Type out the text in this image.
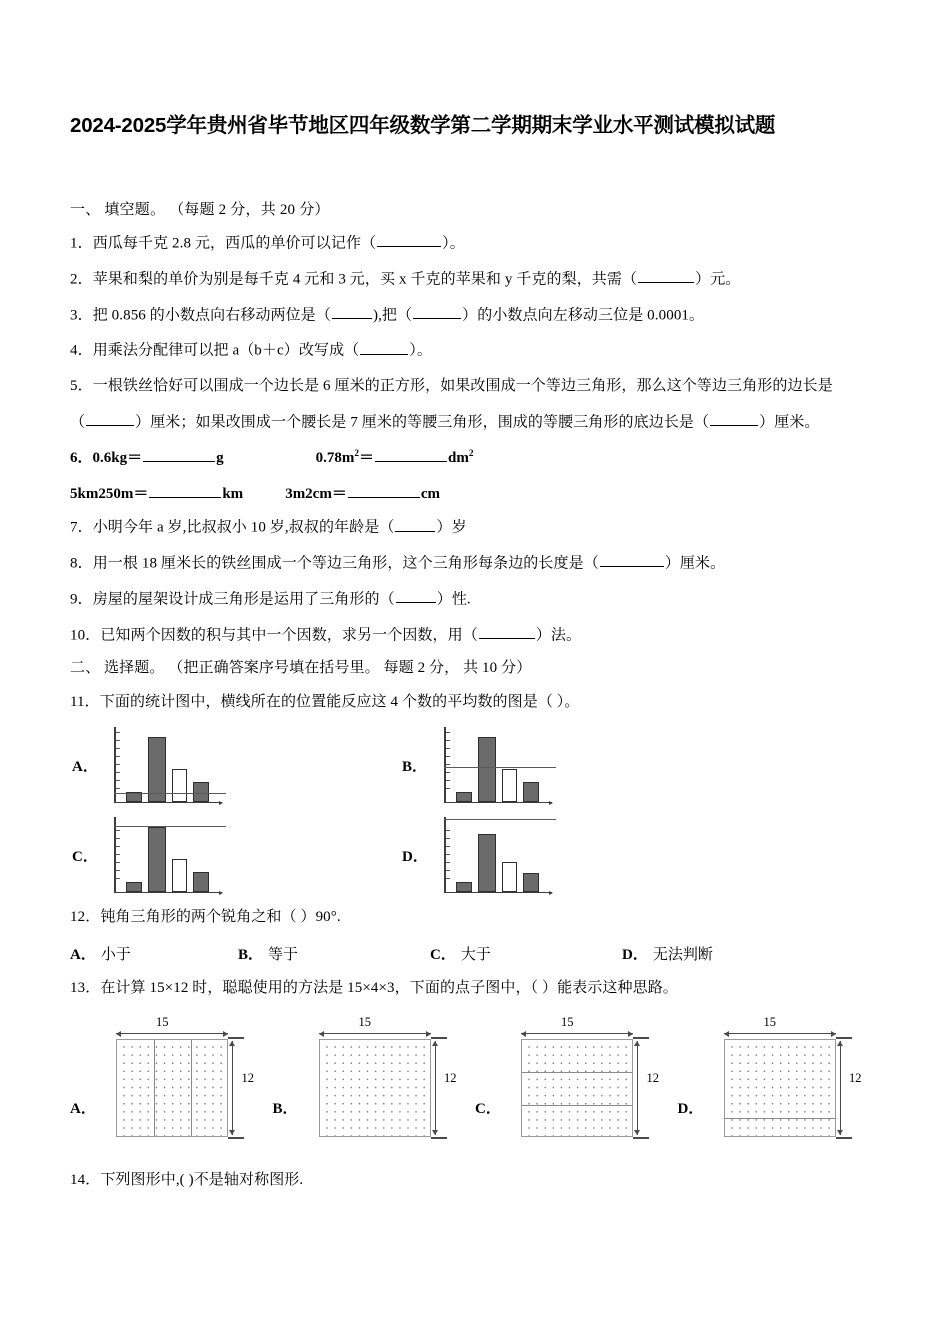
2024-2025学年贵州省毕节地区四年级数学第二学期期末学业水平测试模拟试题
一、 填空题。 （每题 2 分，共 20 分）
1．西瓜每千克 2.8 元，西瓜的单价可以记作（	）。
2．苹果和梨的单价为别是每千克 4 元和 3 元，买 x 千克的苹果和 y 千克的梨，共需（	）元。
3．把 0.856 的小数点向右移动两位是（	),把（	）的小数点向左移动三位是 0.0001。
4．用乘法分配律可以把 a（b＋c）改写成（	）。
5．一根铁丝恰好可以围成一个边长是 6 厘米的正方形，如果改围成一个等边三角形，那么这个等边三角形的边长是
（	）厘米；如果改围成一个腰长是 7 厘米的等腰三角形，围成的等腰三角形的底边长是（	）厘米。
6．0.6kg＝	g	$0.78m^2=$	$dm^2$
5km250m＝	km	3m2cm＝	cm
7．小明今年 a 岁,比叔叔小 10 岁,叔叔的年龄是（	）岁
8．用一根 18 厘米长的铁丝围成一个等边三角形，这个三角形每条边的长度是（	）厘米。
9．房屋的屋架设计成三角形是运用了三角形的（	）性.
10．已知两个因数的积与其中一个因数，求另一个因数，用（	）法。
二、 选择题。 （把正确答案序号填在括号里。 每题 2 分， 共 10 分）
11．下面的统计图中，横线所在的位置能反应这 4 个数的平均数的图是（ ）。
A．	B．
C．	D．
12．钝角三角形的两个锐角之和（ ）90°.
A． 小于	B． 等于	C． 大于	D． 无法判断
13．在计算 15×12 时，聪聪使用的方法是 15×4×3，下面的点子图中，（ ）能表示这种思路。
A．
15
12
B．
15
12
C．
15
12
D．
15
12
14．下列图形中,( )不是轴对称图形.
